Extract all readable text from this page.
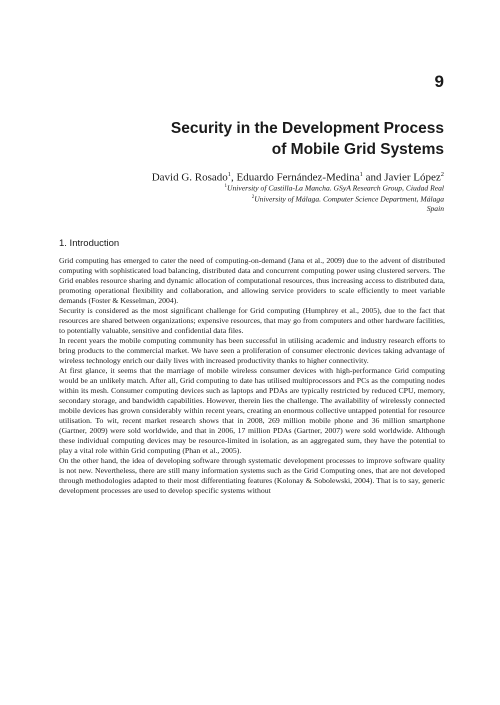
9
Security in the Development Process
of Mobile Grid Systems
David G. Rosado$^1$, Eduardo Fernández-Medina$^1$ and Javier López$^2$
$^1$University of Castilla-La Mancha. GSyA Research Group, Ciudad Real
$^2$University of Málaga. Computer Science Department, Málaga
Spain
1. Introduction

Grid computing has emerged to cater the need of computing-on-demand (Jana et al., 2009) due to the advent of distributed computing with sophisticated load balancing, distributed data and concurrent computing power using clustered servers. The Grid enables resource sharing and dynamic allocation of computational resources, thus increasing access to distributed data, promoting operational flexibility and collaboration, and allowing service providers to scale efficiently to meet variable demands (Foster & Kesselman, 2004).

Security is considered as the most significant challenge for Grid computing (Humphrey et al., 2005), due to the fact that resources are shared between organizations; expensive resources, that may go from computers and other hardware facilities, to potentially valuable, sensitive and confidential data files.

In recent years the mobile computing community has been successful in utilising academic and industry research efforts to bring products to the commercial market. We have seen a proliferation of consumer electronic devices taking advantage of wireless technology enrich our daily lives with increased productivity thanks to higher connectivity.

At first glance, it seems that the marriage of mobile wireless consumer devices with high-performance Grid computing would be an unlikely match. After all, Grid computing to date has utilised multiprocessors and PCs as the computing nodes within its mesh. Consumer computing devices such as laptops and PDAs are typically restricted by reduced CPU, memory, secondary storage, and bandwidth capabilities. However, therein lies the challenge. The availability of wirelessly connected mobile devices has grown considerably within recent years, creating an enormous collective untapped potential for resource utilisation. To wit, recent market research shows that in 2008, 269 million mobile phone and 36 million smartphone (Gartner, 2009) were sold worldwide, and that in 2006, 17 million PDAs (Gartner, 2007) were sold worldwide. Although these individual computing devices may be resource-limited in isolation, as an aggregated sum, they have the potential to play a vital role within Grid computing (Phan et al., 2005).

On the other hand, the idea of developing software through systematic development processes to improve software quality is not new. Nevertheless, there are still many information systems such as the Grid Computing ones, that are not developed through methodologies adapted to their most differentiating features (Kolonay & Sobolewski, 2004). That is to say, generic development processes are used to develop specific systems without
